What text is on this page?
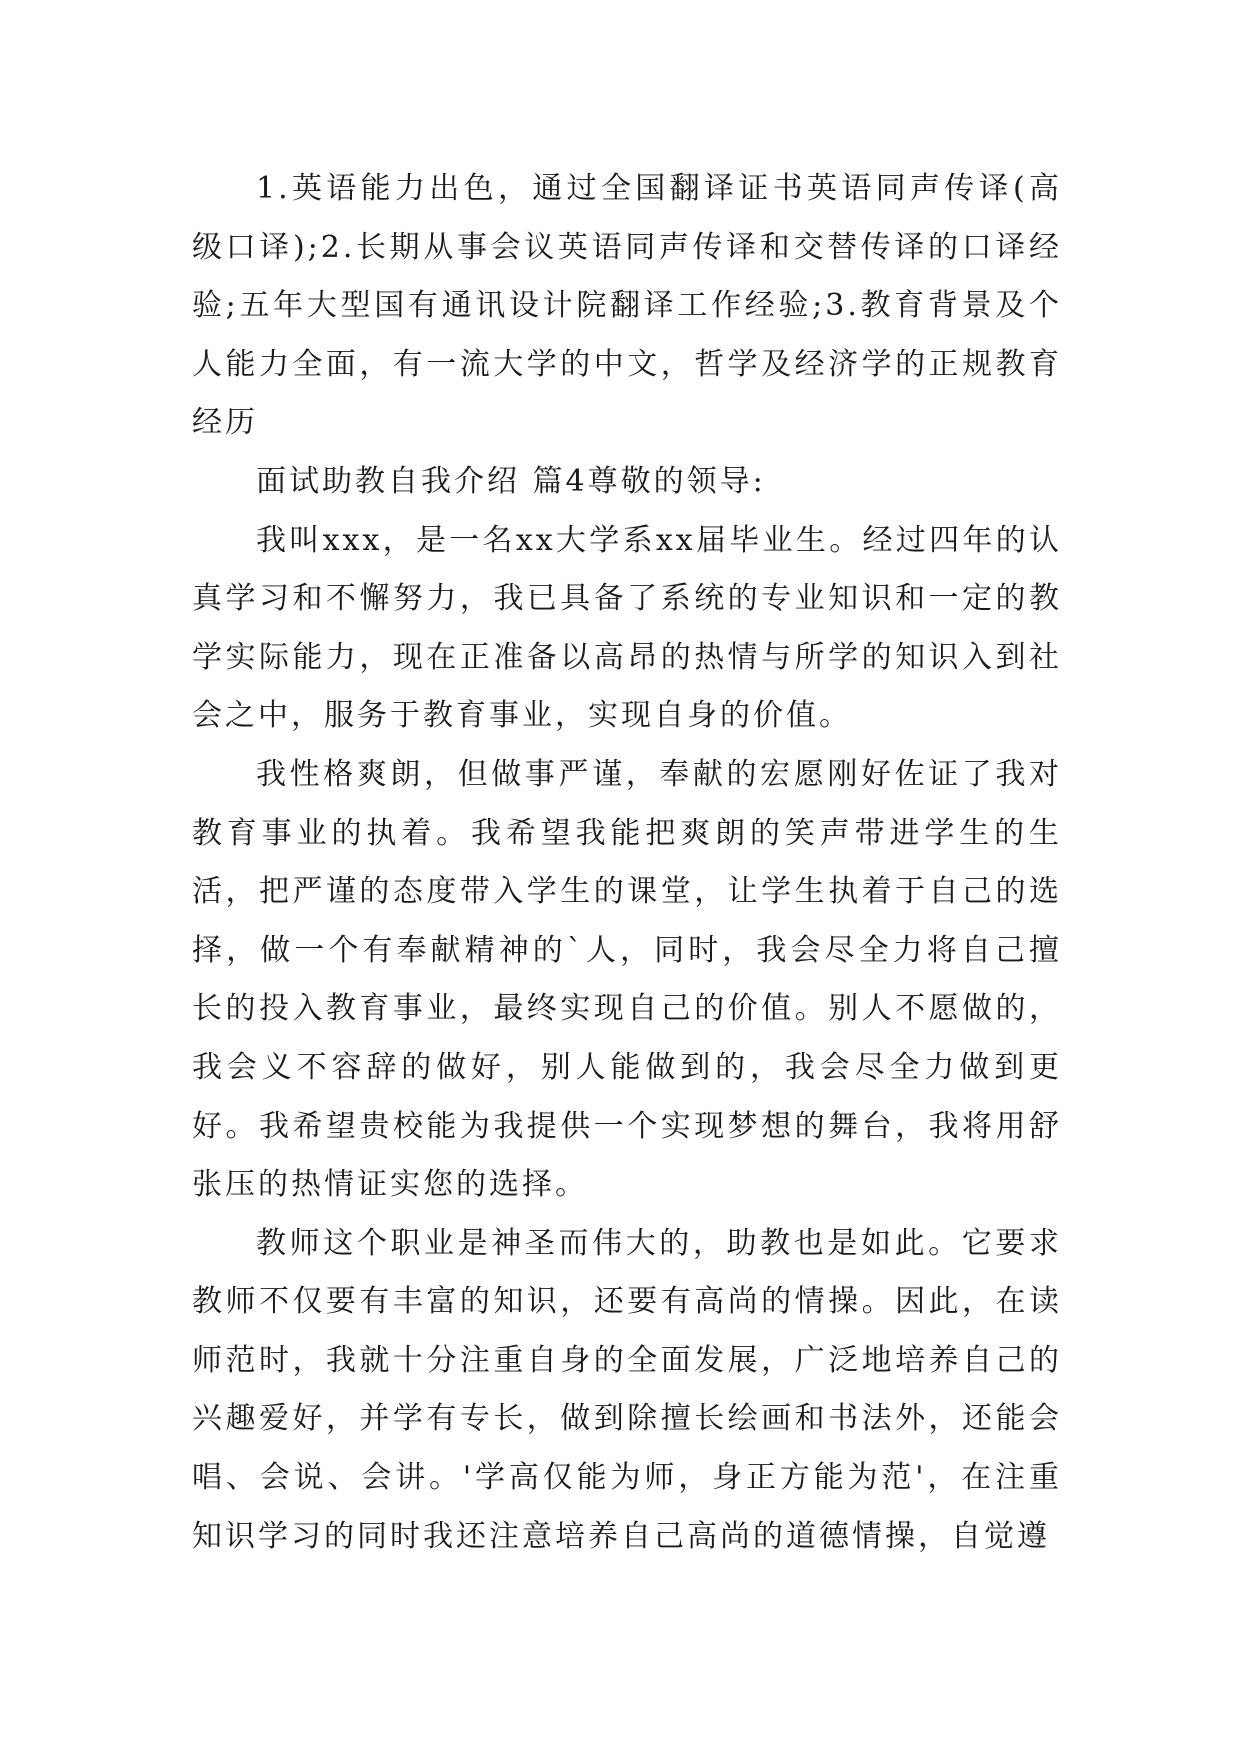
1.英语能力出色，通过全国翻译证书英语同声传译(高级口译);2.长期从事会议英语同声传译和交替传译的口译经验;五年大型国有通讯设计院翻译工作经验;3.教育背景及个人能力全面，有一流大学的中文，哲学及经济学的正规教育经历

面试助教自我介绍 篇4尊敬的领导:

我叫xxx，是一名xx大学系xx届毕业生。经过四年的认真学习和不懈努力，我已具备了系统的专业知识和一定的教学实际能力，现在正准备以高昂的热情与所学的知识入到社会之中，服务于教育事业，实现自身的价值。

我性格爽朗，但做事严谨，奉献的宏愿刚好佐证了我对教育事业的执着。我希望我能把爽朗的笑声带进学生的生活，把严谨的态度带入学生的课堂，让学生执着于自己的选择，做一个有奉献精神的`人，同时，我会尽全力将自己擅长的投入教育事业，最终实现自己的价值。别人不愿做的，我会义不容辞的做好，别人能做到的，我会尽全力做到更好。我希望贵校能为我提供一个实现梦想的舞台，我将用舒张压的热情证实您的选择。

教师这个职业是神圣而伟大的，助教也是如此。它要求教师不仅要有丰富的知识，还要有高尚的情操。因此，在读师范时，我就十分注重自身的全面发展，广泛地培养自己的兴趣爱好，并学有专长，做到除擅长绘画和书法外，还能会唱、会说、会讲。'学高仅能为师，身正方能为范'，在注重知识学习的同时我还注意培养自己高尚的道德情操，自觉遵
